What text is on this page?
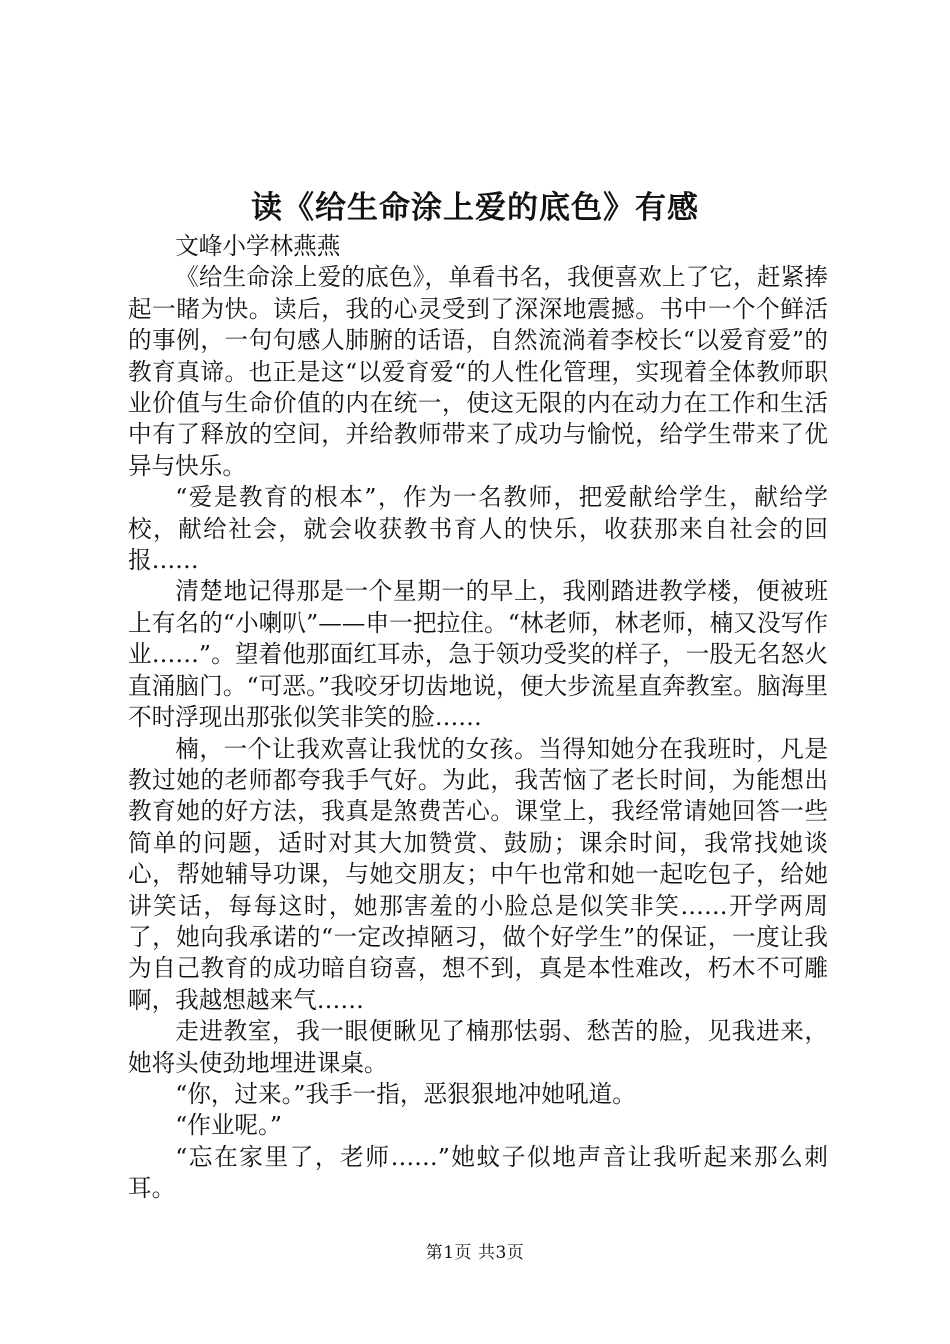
读《给生命涂上爱的底色》有感

文峰小学林燕燕

《给生命涂上爱的底色》，单看书名，我便喜欢上了它，赶紧捧起一睹为快。读后，我的心灵受到了深深地震撼。书中一个个鲜活的事例，一句句感人肺腑的话语，自然流淌着李校长“以爱育爱”的教育真谛。也正是这“以爱育爱“的人性化管理，实现着全体教师职业价值与生命价值的内在统一，使这无限的内在动力在工作和生活中有了释放的空间，并给教师带来了成功与愉悦，给学生带来了优异与快乐。

“爱是教育的根本”，作为一名教师，把爱献给学生，献给学校，献给社会，就会收获教书育人的快乐，收获那来自社会的回报……

清楚地记得那是一个星期一的早上，我刚踏进教学楼，便被班上有名的“小喇叭”——申一把拉住。“林老师，林老师，楠又没写作业……”。望着他那面红耳赤，急于领功受奖的样子，一股无名怒火直涌脑门。“可恶。”我咬牙切齿地说，便大步流星直奔教室。脑海里不时浮现出那张似笑非笑的脸……

楠，一个让我欢喜让我忧的女孩。当得知她分在我班时，凡是教过她的老师都夸我手气好。为此，我苦恼了老长时间，为能想出教育她的好方法，我真是煞费苦心。课堂上，我经常请她回答一些简单的问题，适时对其大加赞赏、鼓励；课余时间，我常找她谈心，帮她辅导功课，与她交朋友；中午也常和她一起吃包子，给她讲笑话，每每这时，她那害羞的小脸总是似笑非笑……开学两周了，她向我承诺的“一定改掉陋习，做个好学生”的保证，一度让我为自己教育的成功暗自窃喜，想不到，真是本性难改，朽木不可雕啊，我越想越来气……

走进教室，我一眼便瞅见了楠那怯弱、愁苦的脸，见我进来，她将头使劲地埋进课桌。

“你，过来。”我手一指，恶狠狠地冲她吼道。

“作业呢。”

“忘在家里了，老师……”她蚊子似地声音让我听起来那么刺耳。

第1页 共3页
